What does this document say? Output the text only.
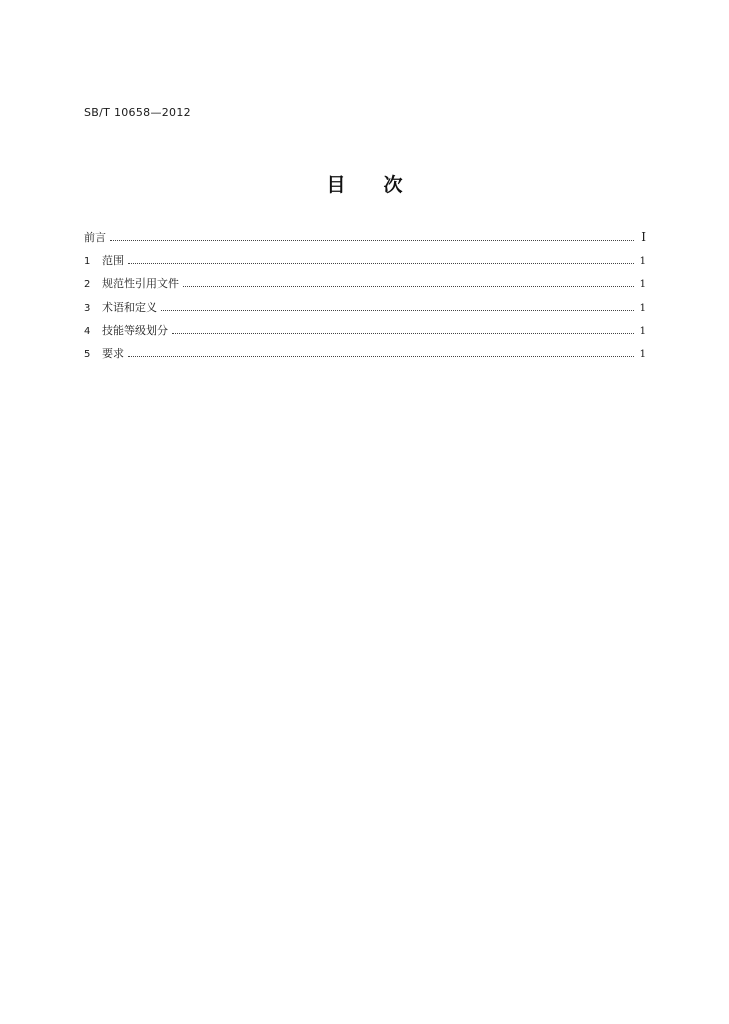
SB/T 10658—2012
目次
前言	I
1	范围	1
2	规范性引用文件	1
3	术语和定义	1
4	技能等级划分	1
5	要求	1
